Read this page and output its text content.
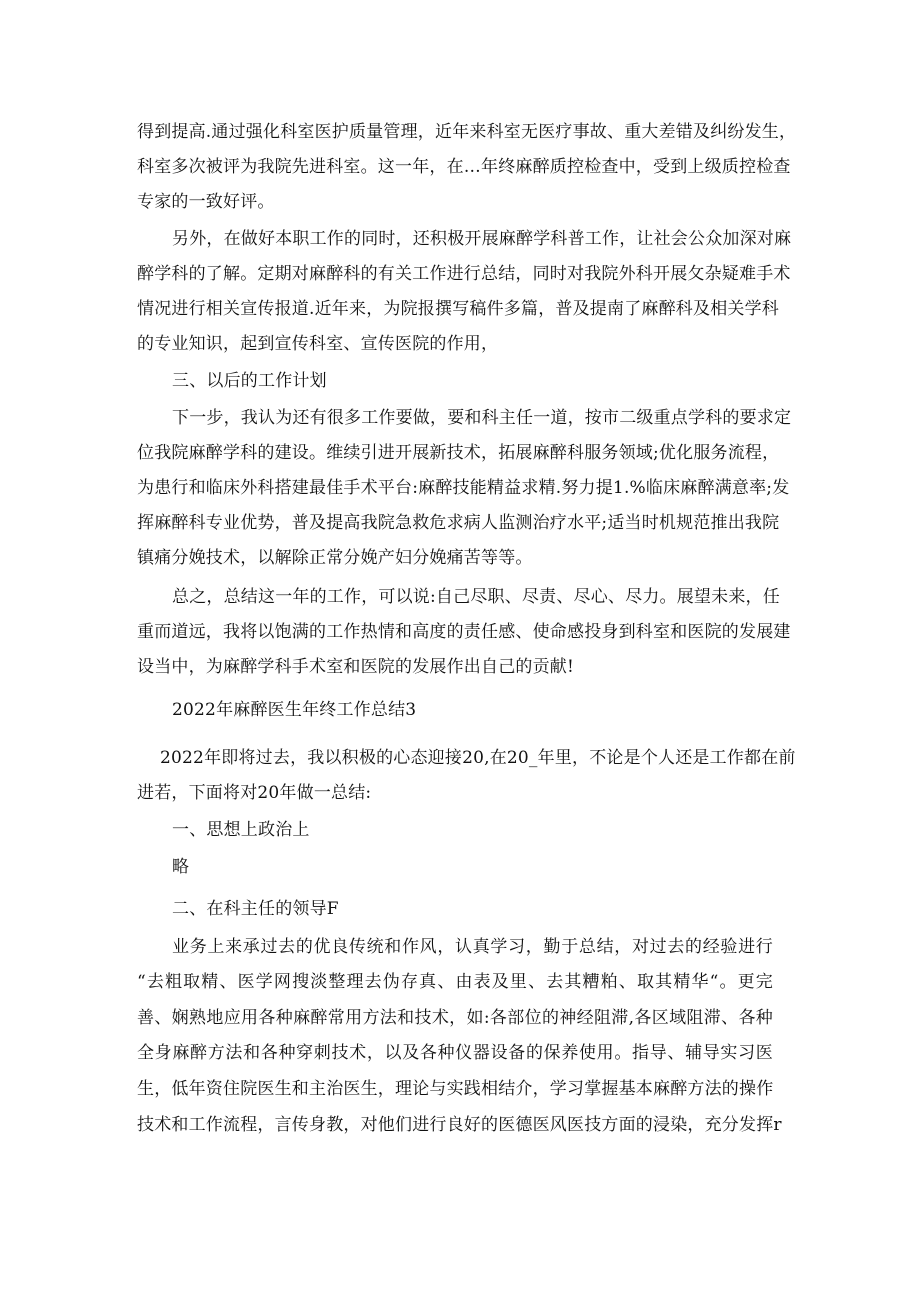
得到提高.通过强化科室医护质量管理，近年来科室无医疗事故、重大差错及纠纷发生，
科室多次被评为我院先进科室。这一年，在…年终麻醉质控检查中，受到上级质控检查
专家的一致好评。
另外，在做好本职工作的同时，还积极开展麻醉学科普工作，让社会公众加深对麻
醉学科的了解。定期对麻醉科的有关工作进行总结，同时对我院外科开展攵杂疑难手术
情况进行相关宣传报道.近年来，为院报撰写稿件多篇，普及提南了麻醉科及相关学科
的专业知识，起到宣传科室、宣传医院的作用，
三、以后的工作计划
下一步，我认为还有很多工作要做，要和科主任一道，按市二级重点学科的要求定
位我院麻醉学科的建设。维续引进开展新技术，拓展麻醉科服务领域;优化服务流程，
为患行和临床外科搭建最佳手术平台:麻醉技能精益求精.努力提1.%临床麻醉满意率;发
挥麻醉科专业优势，普及提高我院急救危求病人监测治疗水平;适当时机规范推出我院
镇痛分娩技术，以解除正常分娩产妇分娩痛苦等等。
总之，总结这一年的工作，可以说:自己尽职、尽责、尽心、尽力。展望未来，任
重而道远，我将以饱满的工作热情和高度的责任感、使命感投身到科室和医院的发展建
设当中，为麻醉学科手术室和医院的发展作出自己的贡献!
2022年麻醉医生年终工作总结3
2022年即将过去，我以积极的心态迎接20,在20_年里，不论是个人还是工作都在前
进若，下面将对20年做一总结:
一、思想上政治上
略
二、在科主任的领导F
业务上来承过去的优良传统和作风，认真学习，勤于总结，对过去的经验进行
“去粗取精、医学网搜淡整理去伪存真、由表及里、去其糟粕、取其精华“。更完
善、娴熟地应用各种麻醉常用方法和技术，如:各部位的神经阻滞,各区域阻滞、各种
全身麻醉方法和各种穿刺技术，以及各种仪器设备的保养使用。指导、辅导实习医
生，低年资住院医生和主治医生，理论与实践相结介，学习掌握基本麻醉方法的操作
技术和工作流程，言传身教，对他们进行良好的医德医风医技方面的浸染，充分发挥r
